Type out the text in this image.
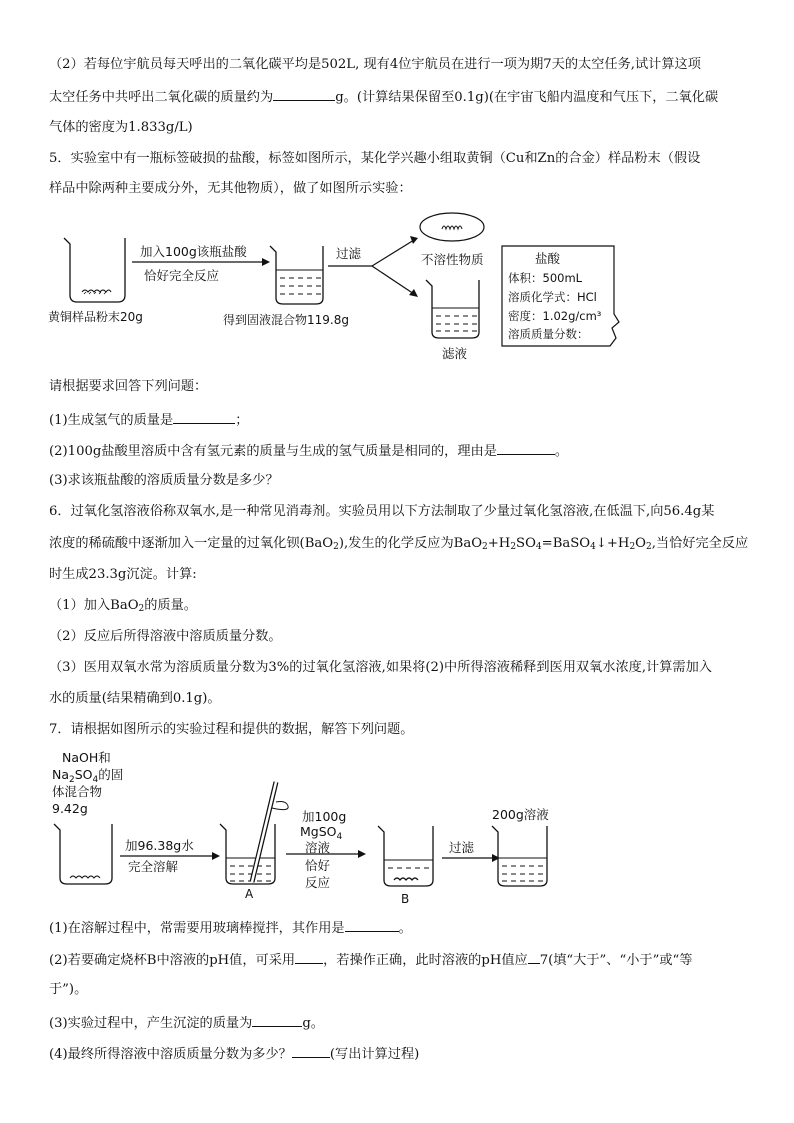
（2）若每位宇航员每天呼出的二氧化碳平均是502L, 现有4位宇航员在进行一项为期7天的太空任务,试计算这项
太空任务中共呼出二氧化碳的质量约为	g。(计算结果保留至0.1g)(在宇宙飞船内温度和气压下，二氧化碳
气体的密度为1.833g/L)
5．实验室中有一瓶标签破损的盐酸，标签如图所示，某化学兴趣小组取黄铜（Cu和Zn的合金）样品粉末（假设
样品中除两种主要成分外，无其他物质），做了如图所示实验：
黄铜样品粉末20g
加入100g该瓶盐酸
恰好完全反应
得到固液混合物119.8g
过滤	不溶性物质
滤液
盐酸
体积：500mL
溶质化学式：HCl
密度：1.02g/cm³
溶质质量分数：
请根据要求回答下列问题：
(1)生成氢气的质量是	；
(2)100g盐酸里溶质中含有氢元素的质量与生成的氢气质量是相同的，理由是	。
(3)求该瓶盐酸的溶质质量分数是多少？
6．过氧化氢溶液俗称双氧水,是一种常见消毒剂。实验员用以下方法制取了少量过氧化氢溶液,在低温下,向56.4g某
浓度的稀硫酸中逐渐加入一定量的过氧化钡(BaO$_2$),发生的化学反应为$BaO_2+H_2SO_4=BaSO_4↓+H_2O_2$,当恰好完全反应
时生成23.3g沉淀。计算:
（1）加入BaO$_2$的质量。
（2）反应后所得溶液中溶质质量分数。
（3）医用双氧水常为溶质质量分数为3%的过氧化氢溶液,如果将(2)中所得溶液稀释到医用双氧水浓度,计算需加入
水的质量(结果精确到0.1g)。
7．请根据如图所示的实验过程和提供的数据，解答下列问题。
NaOH和
$Na_2SO_4$的固
体混合物
9.42g
加96.38g水
完全溶解
A
加100g
MgSO$_4$
溶液
恰好
反应
B
过滤
200g溶液
(1)在溶解过程中，常需要用玻璃棒搅拌，其作用是	。
(2)若要确定烧杯B中溶液的pH值，可采用 ，若操作正确，此时溶液的pH值应 7(填“大于”、“小于”或“等
于”)。
(3)实验过程中，产生沉淀的质量为	g。
(4)最终所得溶液中溶质质量分数为多少？	(写出计算过程)
